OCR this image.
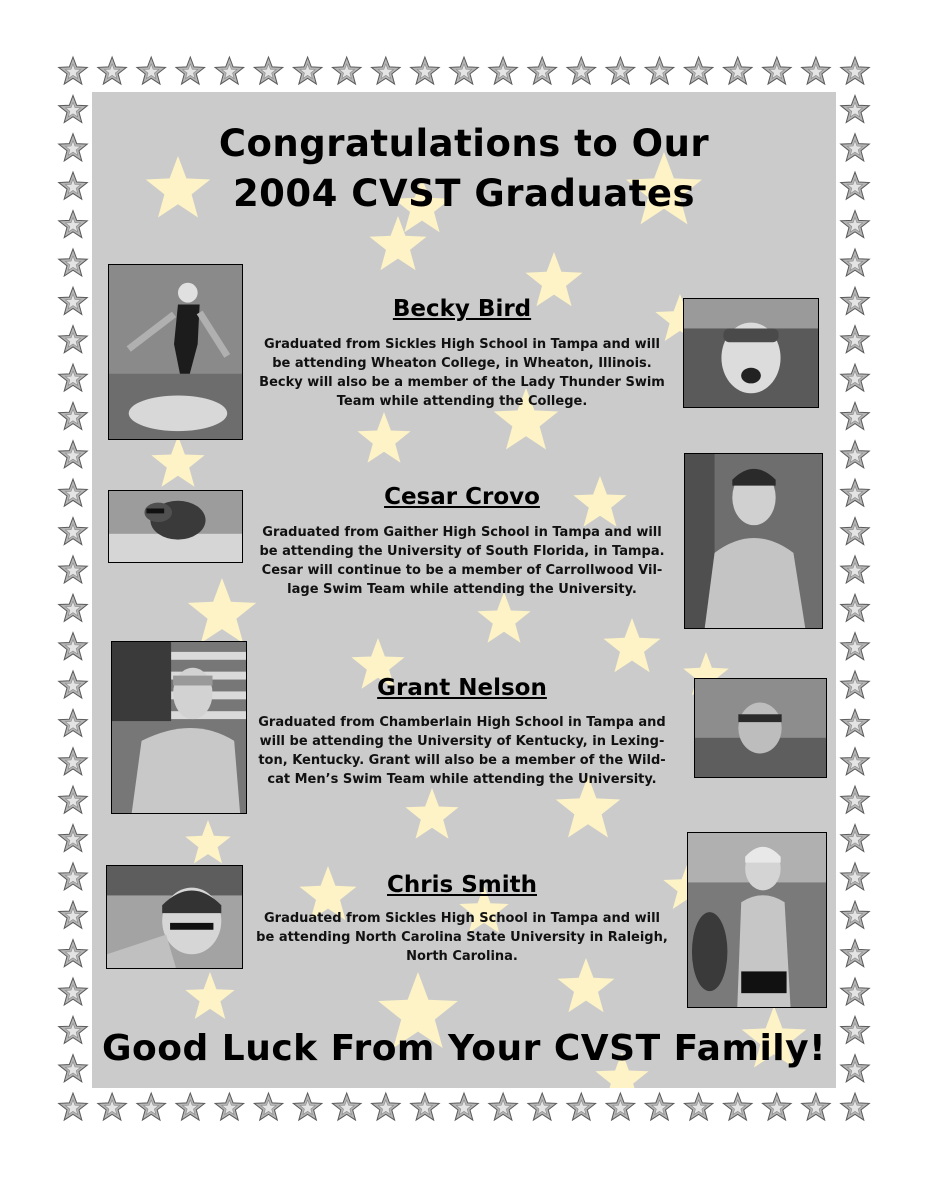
Congratulations to Our
2004 CVST Graduates
Becky Bird
Graduated from Sickles High School in Tampa and will
be attending Wheaton College, in Wheaton, Illinois.
Becky will also be a member of the Lady Thunder Swim
Team while attending the College.
Cesar Crovo
Graduated from Gaither High School in Tampa and will
be attending the University of South Florida, in Tampa.
Cesar will continue to be a member of Carrollwood Vil-
lage Swim Team while attending the University.
Grant Nelson
Graduated from Chamberlain High School in Tampa and
will be attending the University of Kentucky, in Lexing-
ton, Kentucky. Grant will also be a member of the Wild-
cat Men’s Swim Team while attending the University.
Chris Smith
Graduated from Sickles High School in Tampa and will
be attending North Carolina State University in Raleigh,
North Carolina.
Good Luck From Your CVST Family!
